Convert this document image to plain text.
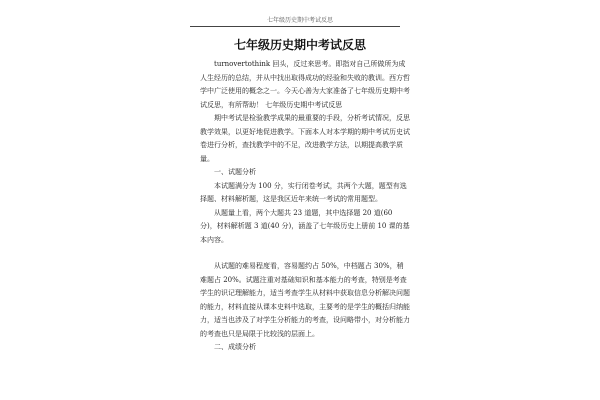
七年级历史期中考试反思
七年级历史期中考试反思

turnovertothink 回头，反过来思考。即指对自己所做所为成人生经历的总结，并从中找出取得成功的经验和失败的教训。西方哲学中广泛使用的概念之一。今天心善为大家准备了七年级历史期中考试反思，有所帮助！ 七年级历史期中考试反思

期中考试是检验教学成果的最重要的手段，分析考试情况，反思教学效果，以更好地促进教学。下面本人对本学期的期中考试历史试卷进行分析，查找教学中的不足，改进教学方法，以期提高教学质量。

一、试题分析

本试题满分为 100 分，实行闭卷考试，共两个大题，题型有选择题、材料解析题，这是我区近年来统一考试的常用题型。

从题量上看，两个大题共 23 道题，其中选择题 20 道(60 分)，材料解析题 3 道(40 分)，涵盖了七年级历史上册前 10 课的基本内容。

从试题的难易程度看，容易题约占 50%，中档题占 30%，稍难题占 20%。试题注重对基础知识和基本能力的考查，特别是考查学生的识记理解能力，适当考查学生从材料中获取信息分析解决问题的能力，材料直接从课本史料中选取，主要考的是学生的概括归纳能力，适当也涉及了对学生分析能力的考查，设问略带小，对分析能力的考查也只是局限于比较浅的层面上。

二、成绩分析
